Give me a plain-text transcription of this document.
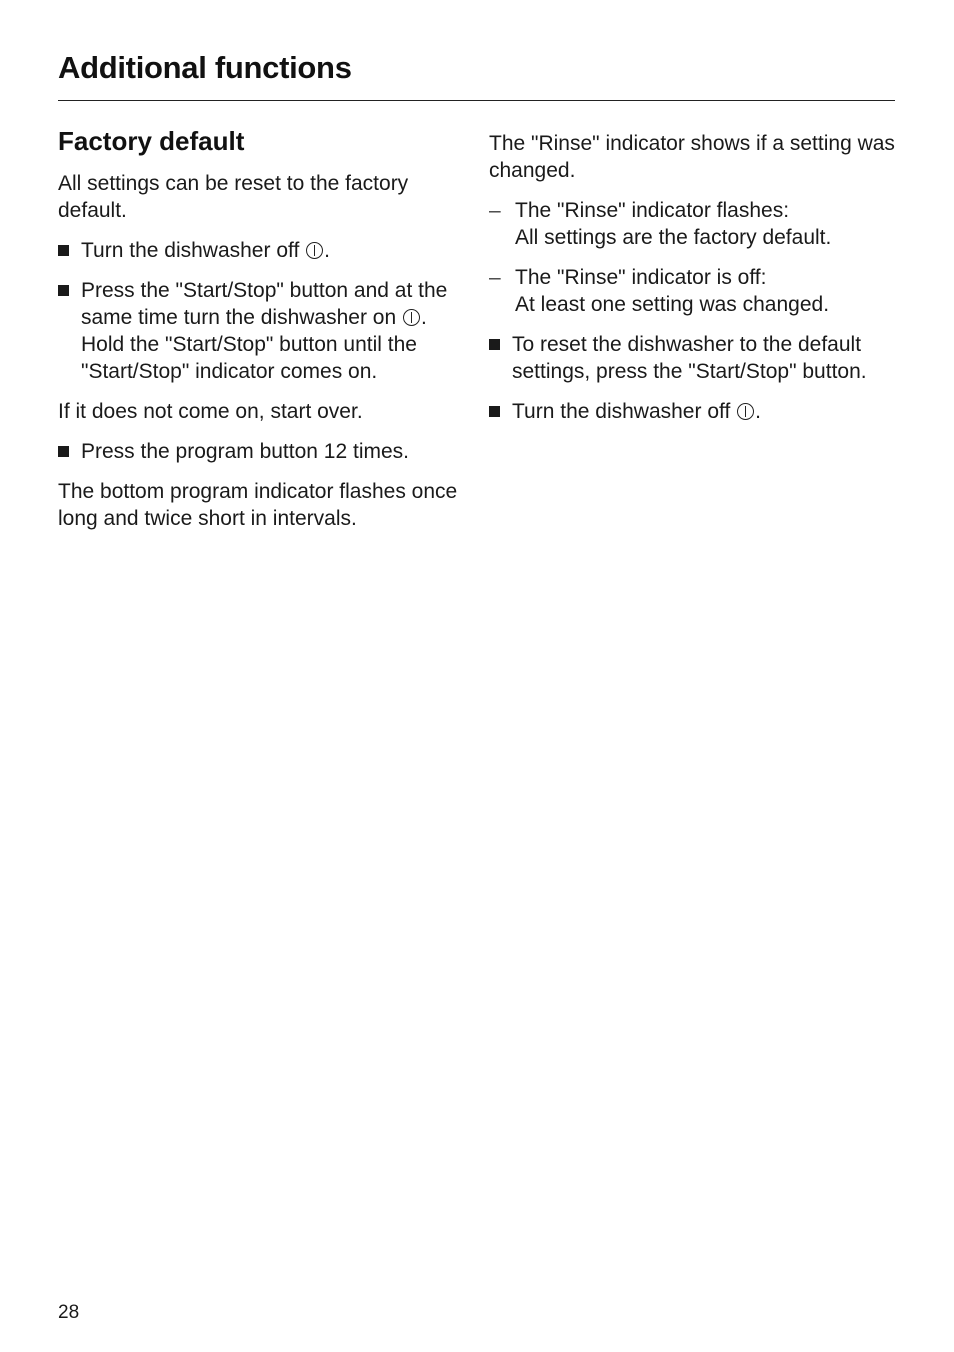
Additional functions
Factory default

All settings can be reset to the factory default.

Turn the dishwasher off .
Press the "Start/Stop" button and at the same time turn the dishwasher on . Hold the "Start/Stop" button until the "Start/Stop" indicator comes on.

If it does not come on, start over.

Press the program button 12 times.

The bottom program indicator flashes once long and twice short in intervals.

The "Rinse" indicator shows if a setting was changed.

– The "Rinse" indicator flashes:
All settings are the factory default.
– The "Rinse" indicator is off:
At least one setting was changed.
To reset the dishwasher to the default settings, press the "Start/Stop" button.
Turn the dishwasher off .
28
